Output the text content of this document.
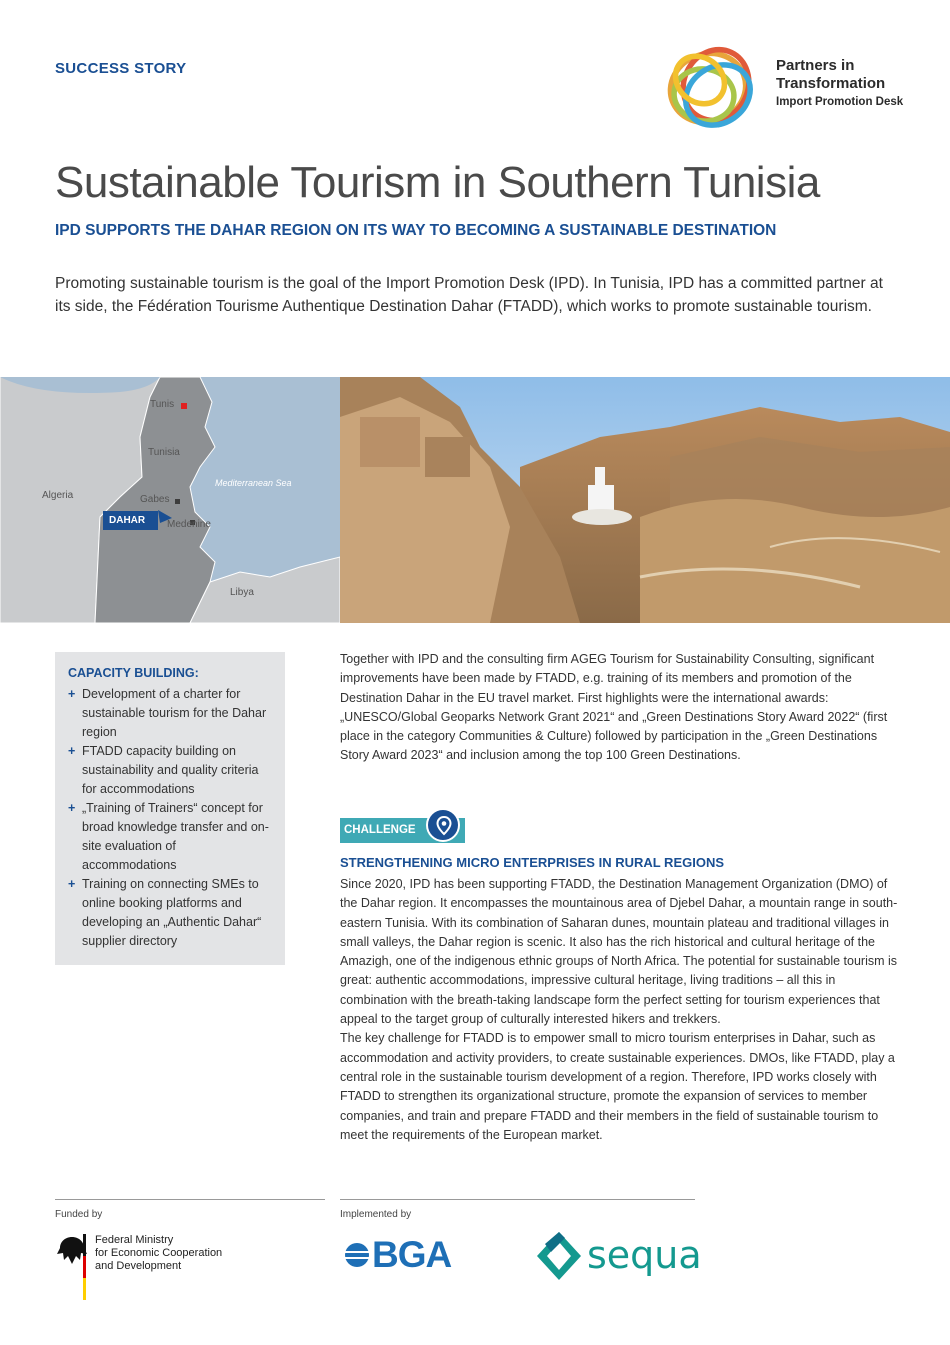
SUCCESS STORY	Partners in
Transformation
Import Promotion Desk
Sustainable Tourism in Southern Tunisia
IPD SUPPORTS THE DAHAR REGION ON ITS WAY TO BECOMING A SUSTAINABLE DESTINATION

Promoting sustainable tourism is the goal of the Import Promotion Desk (IPD). In Tunisia, IPD has a committed partner at its side, the Fédération Tourisme Authentique Destination Dahar (FTADD), which works to promote sustainable tourism.

Tunis
Tunisia
Algeria	Gabes
Medenine
Mediterranean Sea
Libya
DAHAR
CAPACITY BUILDING:
+ Development of a charter for sustainable tourism for the Dahar region
+ FTADD capacity building on sustainability and quality criteria for accommodations
+ „Training of Trainers“ concept for broad knowledge transfer and on-site evaluation of accommodations
+ Training on connecting SMEs to online booking platforms and developing an „Authentic Dahar“ supplier directory

Together with IPD and the consulting firm AGEG Tourism for Sustainability Consulting, significant improvements have been made by FTADD, e.g. training of its members and promotion of the Destination Dahar in the EU travel market. First highlights were the international awards: „UNESCO/Global Geoparks Network Grant 2021“ and „Green Destinations Story Award 2022“ (first place in the category Communities & Culture) followed by participation in the „Green Destinations Story Award 2023“ and inclusion among the top 100 Green Destinations.

CHALLENGE
STRENGTHENING MICRO ENTERPRISES IN RURAL REGIONS

Since 2020, IPD has been supporting FTADD, the Destination Management Organization (DMO) of the Dahar region. It encompasses the mountainous area of Djebel Dahar, a mountain range in south-eastern Tunisia. With its combination of Saharan dunes, mountain plateau and traditional villages in small valleys, the Dahar region is scenic. It also has the rich historical and cultural heritage of the Amazigh, one of the indigenous ethnic groups of North Africa. The potential for sustainable tourism is great: authentic accommodations, impressive cultural heritage, living traditions – all this in combination with the breath-taking landscape form the perfect setting for tourism experiences that appeal to the target group of culturally interested hikers and trekkers.

The key challenge for FTADD is to empower small to micro tourism enterprises in Dahar, such as accommodation and activity providers, to create sustainable experiences. DMOs, like FTADD, play a central role in the sustainable tourism development of a region. Therefore, IPD works closely with FTADD to strengthen its organizational structure, promote the expansion of services to member companies, and train and prepare FTADD and their members in the field of sustainable tourism to meet the requirements of the European market.

Funded by	Implemented by
Federal Ministry
for Economic Cooperation
and Development	BGA	sequa
